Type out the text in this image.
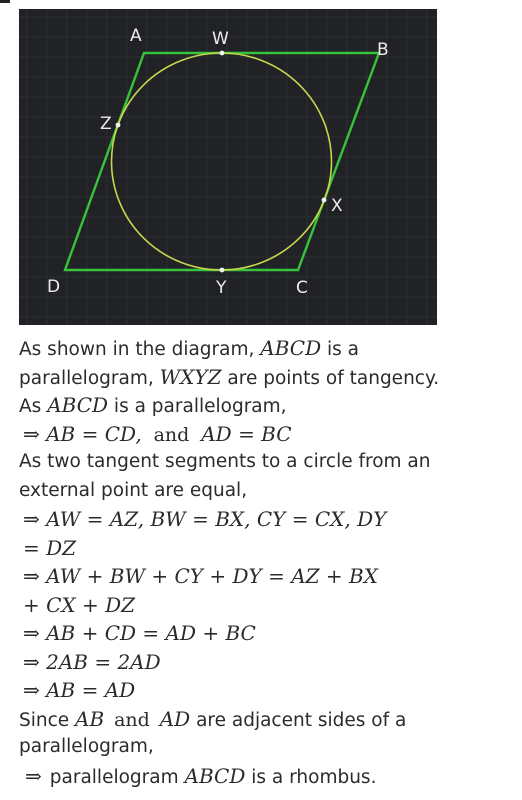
A
B
C
D
W
X
Y
Z
As shown in the diagram, ABCD is a
parallelogram, WXYZ are points of tangency.
As ABCD is a parallelogram,
⇒ AB = CD, and AD = BC
As two tangent segments to a circle from an
external point are equal,
⇒ AW = AZ, BW = BX, CY = CX, DY
= DZ
⇒ AW + BW + CY + DY = AZ + BX
+ CX + DZ
⇒ AB + CD = AD + BC
⇒ 2AB = 2AD
⇒ AB = AD
Since AB and AD are adjacent sides of a
parallelogram,
⇒ parallelogram ABCD is a rhombus.
